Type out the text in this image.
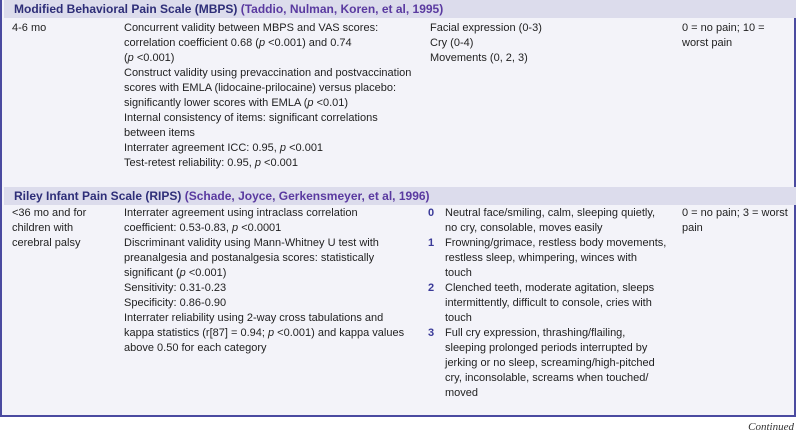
Modified Behavioral Pain Scale (MBPS) (Taddio, Nulman, Koren, et al, 1995)
4-6 mo	Concurrent validity between MBPS and VAS scores:
correlation coefficient 0.68 (p <0.001) and 0.74
(p <0.001)
Construct validity using prevaccination and postvaccination
scores with EMLA (lidocaine-prilocaine) versus placebo:
significantly lower scores with EMLA (p <0.01)
Internal consistency of items: significant correlations
between items
Interrater agreement ICC: 0.95, p <0.001
Test-retest reliability: 0.95, p <0.001
Facial expression (0-3)
Cry (0-4)
Movements (0, 2, 3)
0 = no pain; 10 =
worst pain
Riley Infant Pain Scale (RIPS) (Schade, Joyce, Gerkensmeyer, et al, 1996)
<36 mo and for
children with
cerebral palsy
Interrater agreement using intraclass correlation
coefficient: 0.53-0.83, p <0.0001
Discriminant validity using Mann-Whitney U test with
preanalgesia and postanalgesia scores: statistically
significant (p <0.001)
Sensitivity: 0.31-0.23
Specificity: 0.86-0.90
Interrater reliability using 2-way cross tabulations and
kappa statistics (r[87] = 0.94; p <0.001) and kappa values
above 0.50 for each category
0 Neutral face/smiling, calm, sleeping quietly,
no cry, consolable, moves easily
1 Frowning/grimace, restless body movements,
restless sleep, whimpering, winces with
touch
2 Clenched teeth, moderate agitation, sleeps
intermittently, difficult to console, cries with
touch
3 Full cry expression, thrashing/flailing,
sleeping prolonged periods interrupted by
jerking or no sleep, screaming/high-pitched
cry, inconsolable, screams when touched/
moved
0 = no pain; 3 = worst
pain
Continued
